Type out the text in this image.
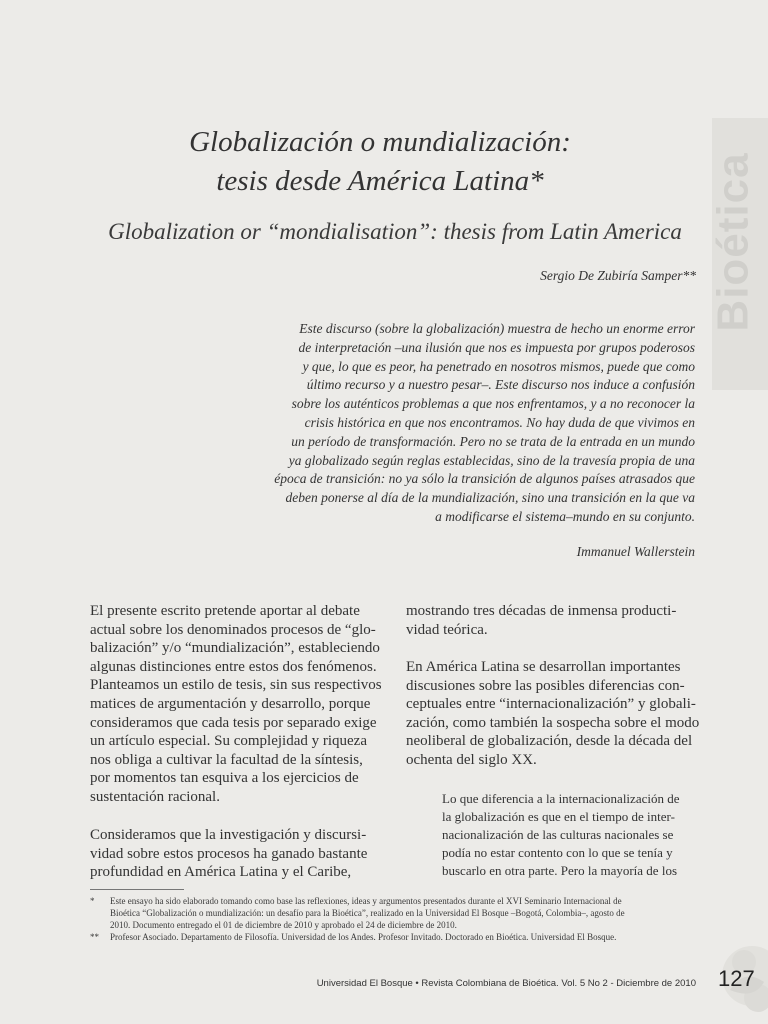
Bioética
Globalización o mundialización:
tesis desde América Latina*
Globalization or “mondialisation”: thesis from Latin America
Sergio De Zubiría Samper**
Este discurso (sobre la globalización) muestra de hecho un enorme error
de interpretación –una ilusión que nos es impuesta por grupos poderosos
y que, lo que es peor, ha penetrado en nosotros mismos, puede que como
último recurso y a nuestro pesar–. Este discurso nos induce a confusión
sobre los auténticos problemas a que nos enfrentamos, y a no reconocer la
crisis histórica en que nos encontramos. No hay duda de que vivimos en
un período de transformación. Pero no se trata de la entrada en un mundo
ya globalizado según reglas establecidas, sino de la travesía propia de una
época de transición: no ya sólo la transición de algunos países atrasados que
deben ponerse al día de la mundialización, sino una transición en la que va
a modificarse el sistema–mundo en su conjunto.
Immanuel Wallerstein
El presente escrito pretende aportar al debate
actual sobre los denominados procesos de “glo-
balización” y/o “mundialización”, estableciendo
algunas distinciones entre estos dos fenómenos.
Planteamos un estilo de tesis, sin sus respectivos
matices de argumentación y desarrollo, porque
consideramos que cada tesis por separado exige
un artículo especial. Su complejidad y riqueza
nos obliga a cultivar la facultad de la síntesis,
por momentos tan esquiva a los ejercicios de
sustentación racional.
Consideramos que la investigación y discursi-
vidad sobre estos procesos ha ganado bastante
profundidad en América Latina y el Caribe,
mostrando tres décadas de inmensa producti-
vidad teórica.
En América Latina se desarrollan importantes
discusiones sobre las posibles diferencias con-
ceptuales entre “internacionalización” y globali-
zación, como también la sospecha sobre el modo
neoliberal de globalización, desde la década del
ochenta del siglo XX.
Lo que diferencia a la internacionalización de
la globalización es que en el tiempo de inter-
nacionalización de las culturas nacionales se
podía no estar contento con lo que se tenía y
buscarlo en otra parte. Pero la mayoría de los
* Este ensayo ha sido elaborado tomando como base las reflexiones, ideas y argumentos presentados durante el XVI Seminario Internacional de
Bioética “Globalización o mundialización: un desafío para la Bioética”, realizado en la Universidad El Bosque –Bogotá, Colombia–, agosto de
2010. Documento entregado el 01 de diciembre de 2010 y aprobado el 24 de diciembre de 2010.
** Profesor Asociado. Departamento de Filosofía. Universidad de los Andes. Profesor Invitado. Doctorado en Bioética. Universidad El Bosque.
Universidad El Bosque • Revista Colombiana de Bioética. Vol. 5 No 2 - Diciembre de 2010 127
